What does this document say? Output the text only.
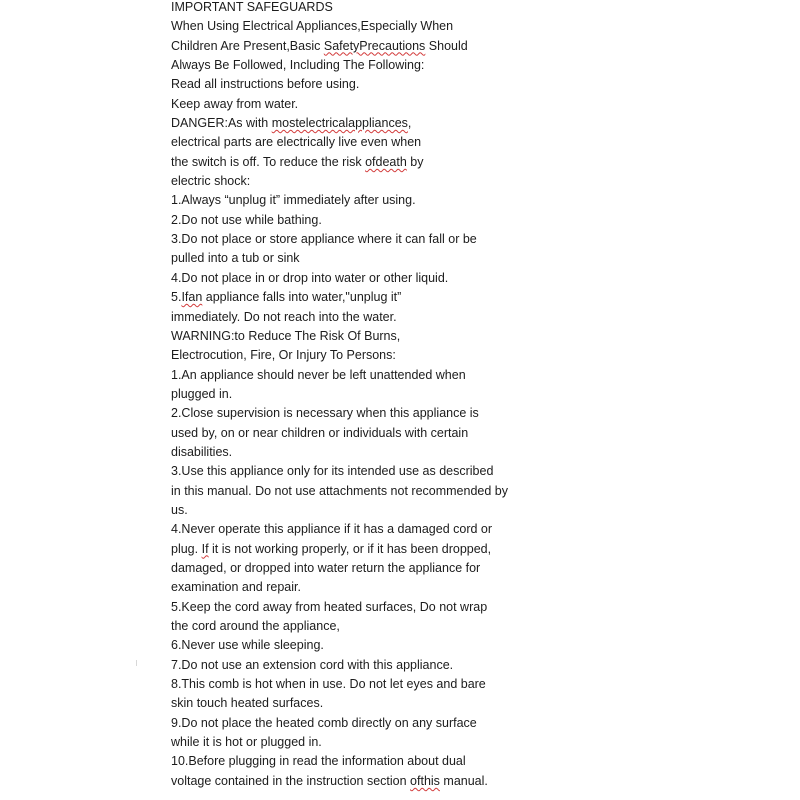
IMPORTANT SAFEGUARDS
When Using Electrical Appliances,Especially When
Children Are Present,Basic SafetyPrecautions Should
Always Be Followed, Including The Following:
Read all instructions before using.
Keep away from water.
DANGER:As with mostelectricalappliances,
electrical parts are electrically live even when
the switch is off. To reduce the risk ofdeath by
electric shock:
1.Always “unplug it” immediately after using.
2.Do not use while bathing.
3.Do not place or store appliance where it can fall or be
pulled into a tub or sink
4.Do not place in or drop into water or other liquid.
5.Ifan appliance falls into water,"unplug it”
immediately. Do not reach into the water.
WARNING:to Reduce The Risk Of Burns,
Electrocution, Fire, Or Injury To Persons:
1.An appliance should never be left unattended when
plugged in.
2.Close supervision is necessary when this appliance is
used by, on or near children or individuals with certain
disabilities.
3.Use this appliance only for its intended use as described
in this manual. Do not use attachments not recommended by
us.
4.Never operate this appliance if it has a damaged cord or
plug. If it is not working properly, or if it has been dropped,
damaged, or dropped into water return the appliance for
examination and repair.
5.Keep the cord away from heated surfaces, Do not wrap
the cord around the appliance,
6.Never use while sleeping.
7.Do not use an extension cord with this appliance.
8.This comb is hot when in use. Do not let eyes and bare
skin touch heated surfaces.
9.Do not place the heated comb directly on any surface
while it is hot or plugged in.
10.Before plugging in read the information about dual
voltage contained in the instruction section ofthis manual.
